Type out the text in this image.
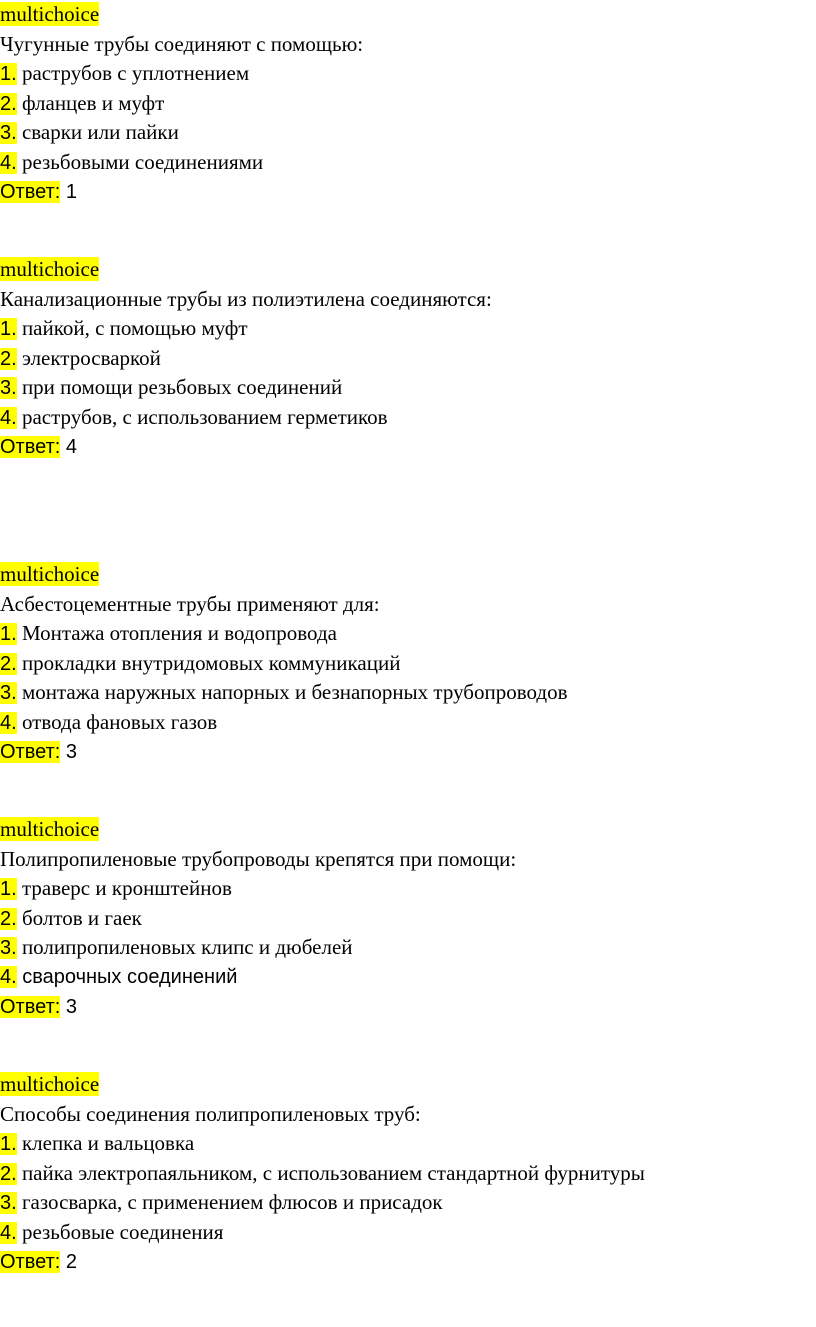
multichoice
Чугунные трубы соединяют с помощью:
1. раструбов с уплотнением
2. фланцев и муфт
3. сварки или пайки
4. резьбовыми соединениями
Ответ: 1
multichoice
Канализационные трубы из полиэтилена соединяются:
1. пайкой, с помощью муфт
2. электросваркой
3. при помощи резьбовых соединений
4. раструбов, с использованием герметиков
Ответ: 4
multichoice
Асбестоцементные трубы применяют для:
1. Монтажа отопления и водопровода
2. прокладки внутридомовых коммуникаций
3. монтажа наружных напорных и безнапорных трубопроводов
4. отвода фановых газов
Ответ: 3
multichoice
Полипропиленовые трубопроводы крепятся при помощи:
1. траверс и кронштейнов
2. болтов и гаек
3. полипропиленовых клипс и дюбелей
4. сварочных соединений
Ответ: 3
multichoice
Способы соединения полипропиленовых труб:
1. клепка и вальцовка
2. пайка электропаяльником, с использованием стандартной фурнитуры
3. газосварка, с применением флюсов и присадок
4. резьбовые соединения
Ответ: 2
